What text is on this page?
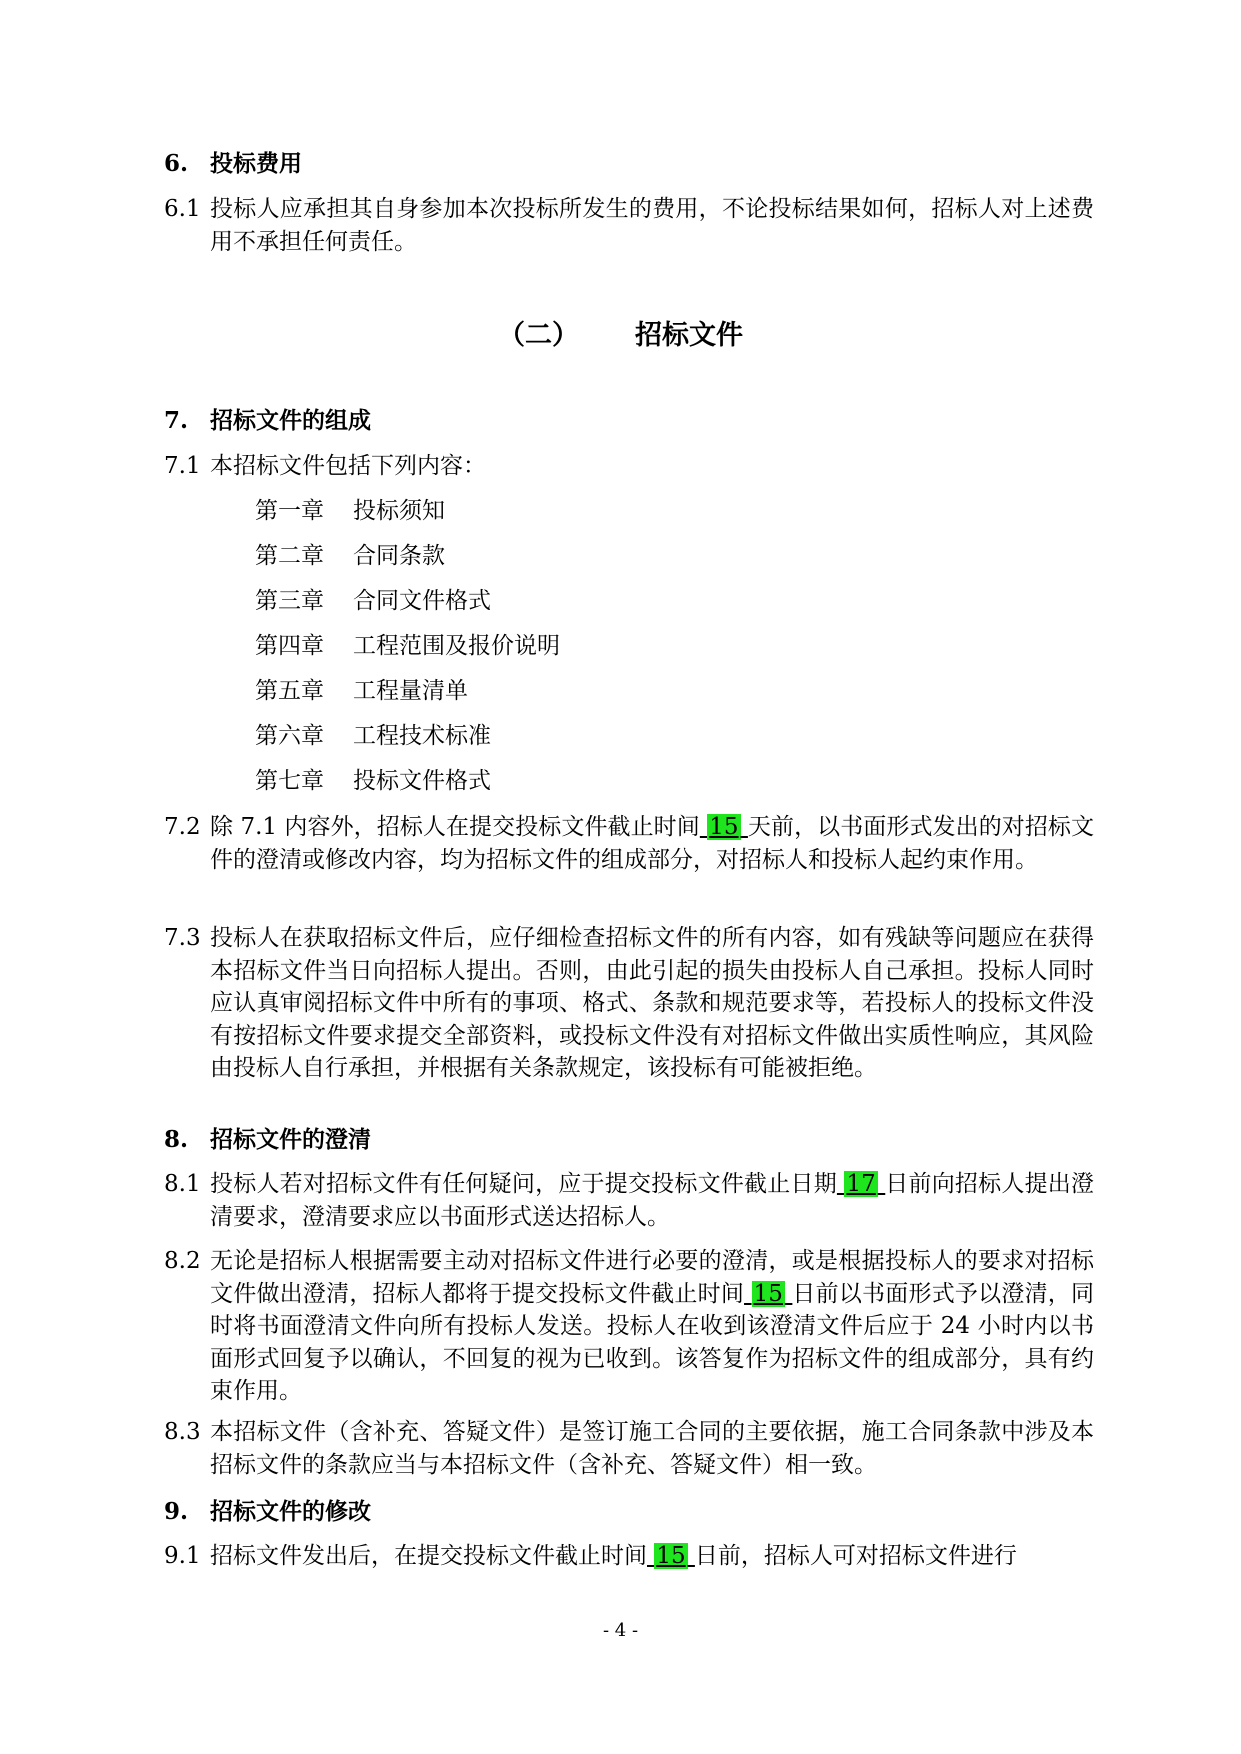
6. 投标费用
6.1 投标人应承担其自身参加本次投标所发生的费用，不论投标结果如何，招标人对上述费用不承担任何责任。
（二） 招标文件
7. 招标文件的组成
7.1 本招标文件包括下列内容：
第一章 投标须知
第二章 合同条款
第三章 合同文件格式
第四章 工程范围及报价说明
第五章 工程量清单
第六章 工程技术标准
第七章 投标文件格式
7.2 除 7.1 内容外，招标人在提交投标文件截止时间 15 天前，以书面形式发出的对招标文件的澄清或修改内容，均为招标文件的组成部分，对招标人和投标人起约束作用。
7.3 投标人在获取招标文件后，应仔细检查招标文件的所有内容，如有残缺等问题应在获得本招标文件当日向招标人提出。否则，由此引起的损失由投标人自己承担。投标人同时应认真审阅招标文件中所有的事项、格式、条款和规范要求等，若投标人的投标文件没有按招标文件要求提交全部资料，或投标文件没有对招标文件做出实质性响应，其风险由投标人自行承担，并根据有关条款规定，该投标有可能被拒绝。
8. 招标文件的澄清
8.1 投标人若对招标文件有任何疑问，应于提交投标文件截止日期 17 日前向招标人提出澄清要求，澄清要求应以书面形式送达招标人。
8.2 无论是招标人根据需要主动对招标文件进行必要的澄清，或是根据投标人的要求对招标文件做出澄清，招标人都将于提交投标文件截止时间 15 日前以书面形式予以澄清，同时将书面澄清文件向所有投标人发送。投标人在收到该澄清文件后应于 24 小时内以书面形式回复予以确认，不回复的视为已收到。该答复作为招标文件的组成部分，具有约束作用。
8.3 本招标文件（含补充、答疑文件）是签订施工合同的主要依据，施工合同条款中涉及本招标文件的条款应当与本招标文件（含补充、答疑文件）相一致。
9. 招标文件的修改
9.1 招标文件发出后，在提交投标文件截止时间 15 日前，招标人可对招标文件进行
- 4 -
